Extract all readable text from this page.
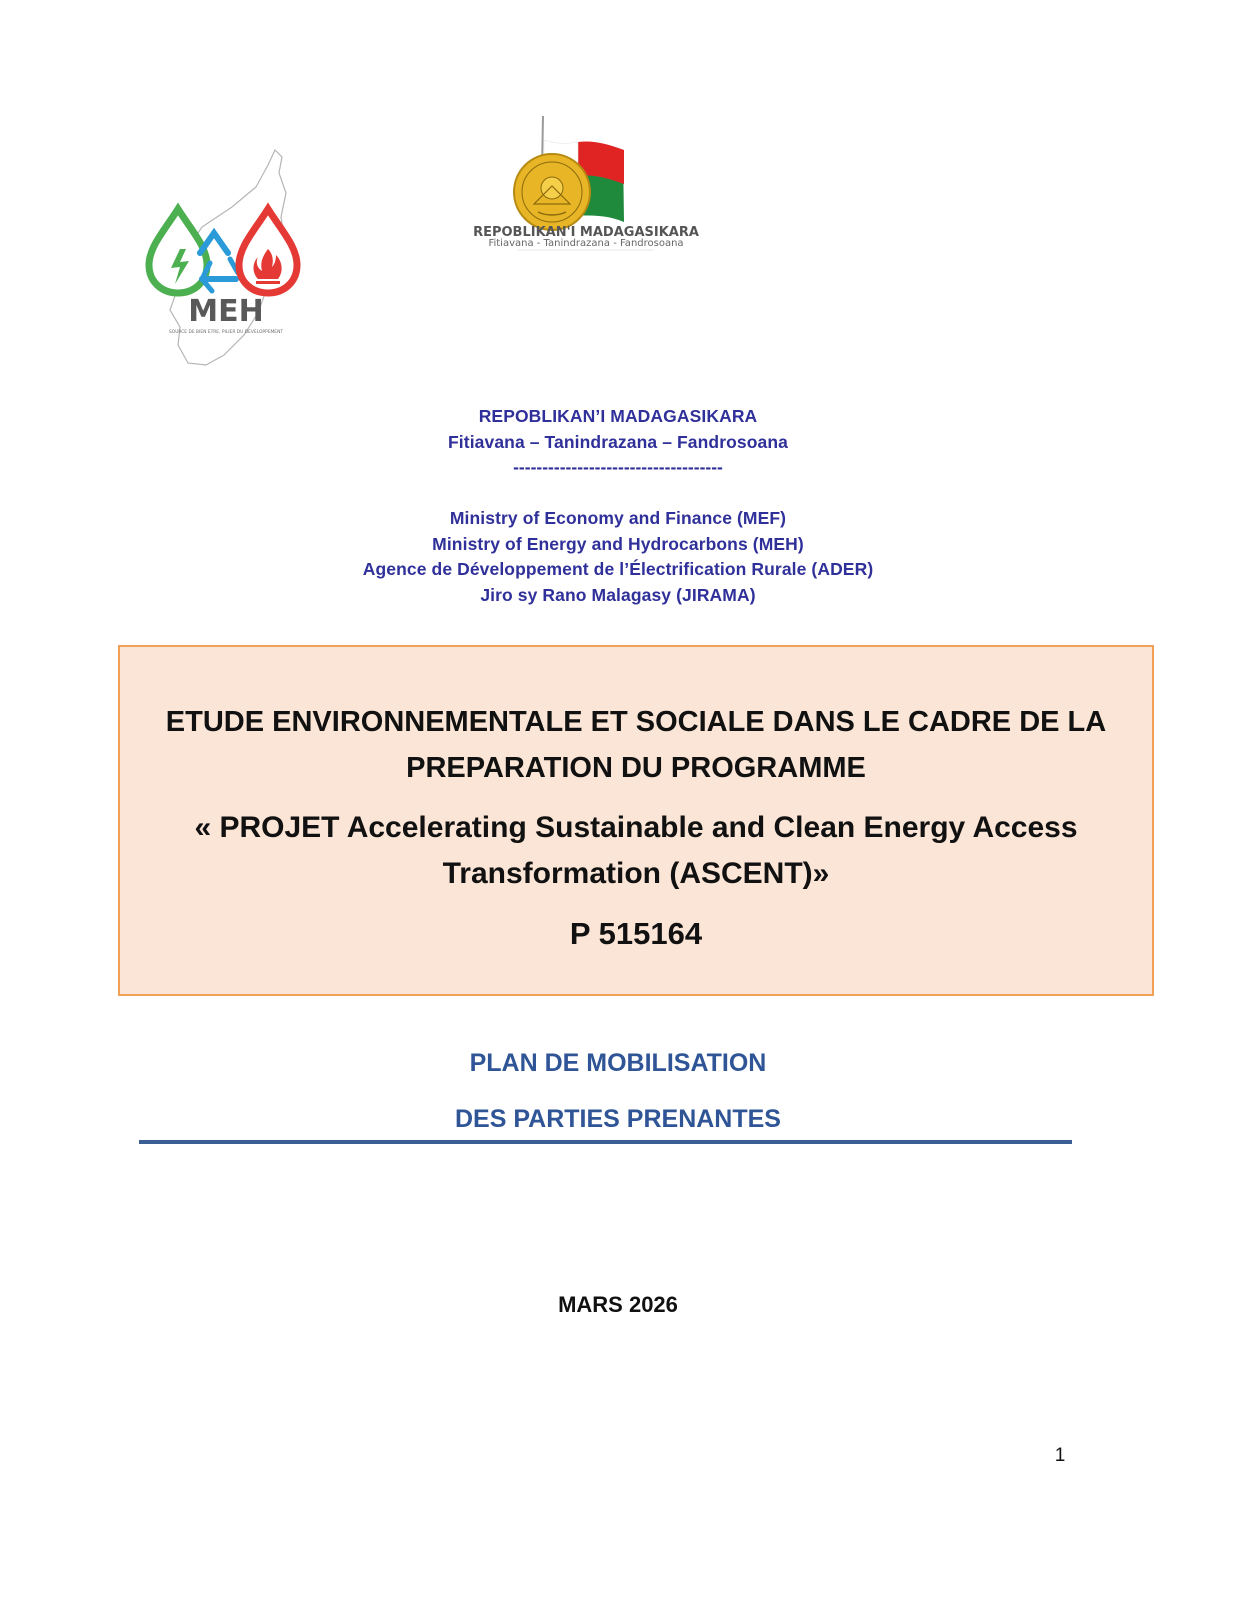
MEH
SOURCE DE BIEN ETRE, PILIER DU DEVELOPPEMENT
REPOBLIKAN'I MADAGASIKARA
Fitiavana - Tanindrazana - Fandrosoana
REPOBLIKAN’I MADAGASIKARA
Fitiavana – Tanindrazana – Fandrosoana
------------------------------------
Ministry of Economy and Finance (MEF)
Ministry of Energy and Hydrocarbons (MEH)
Agence de Développement de l’Électrification Rurale (ADER)
Jiro sy Rano Malagasy (JIRAMA)
ETUDE ENVIRONNEMENTALE ET SOCIALE DANS LE CADRE DE LA
PREPARATION DU PROGRAMME
« PROJET Accelerating Sustainable and Clean Energy Access
Transformation (ASCENT)»
P 515164
PLAN DE MOBILISATION
DES PARTIES PRENANTES
MARS 2026
1
